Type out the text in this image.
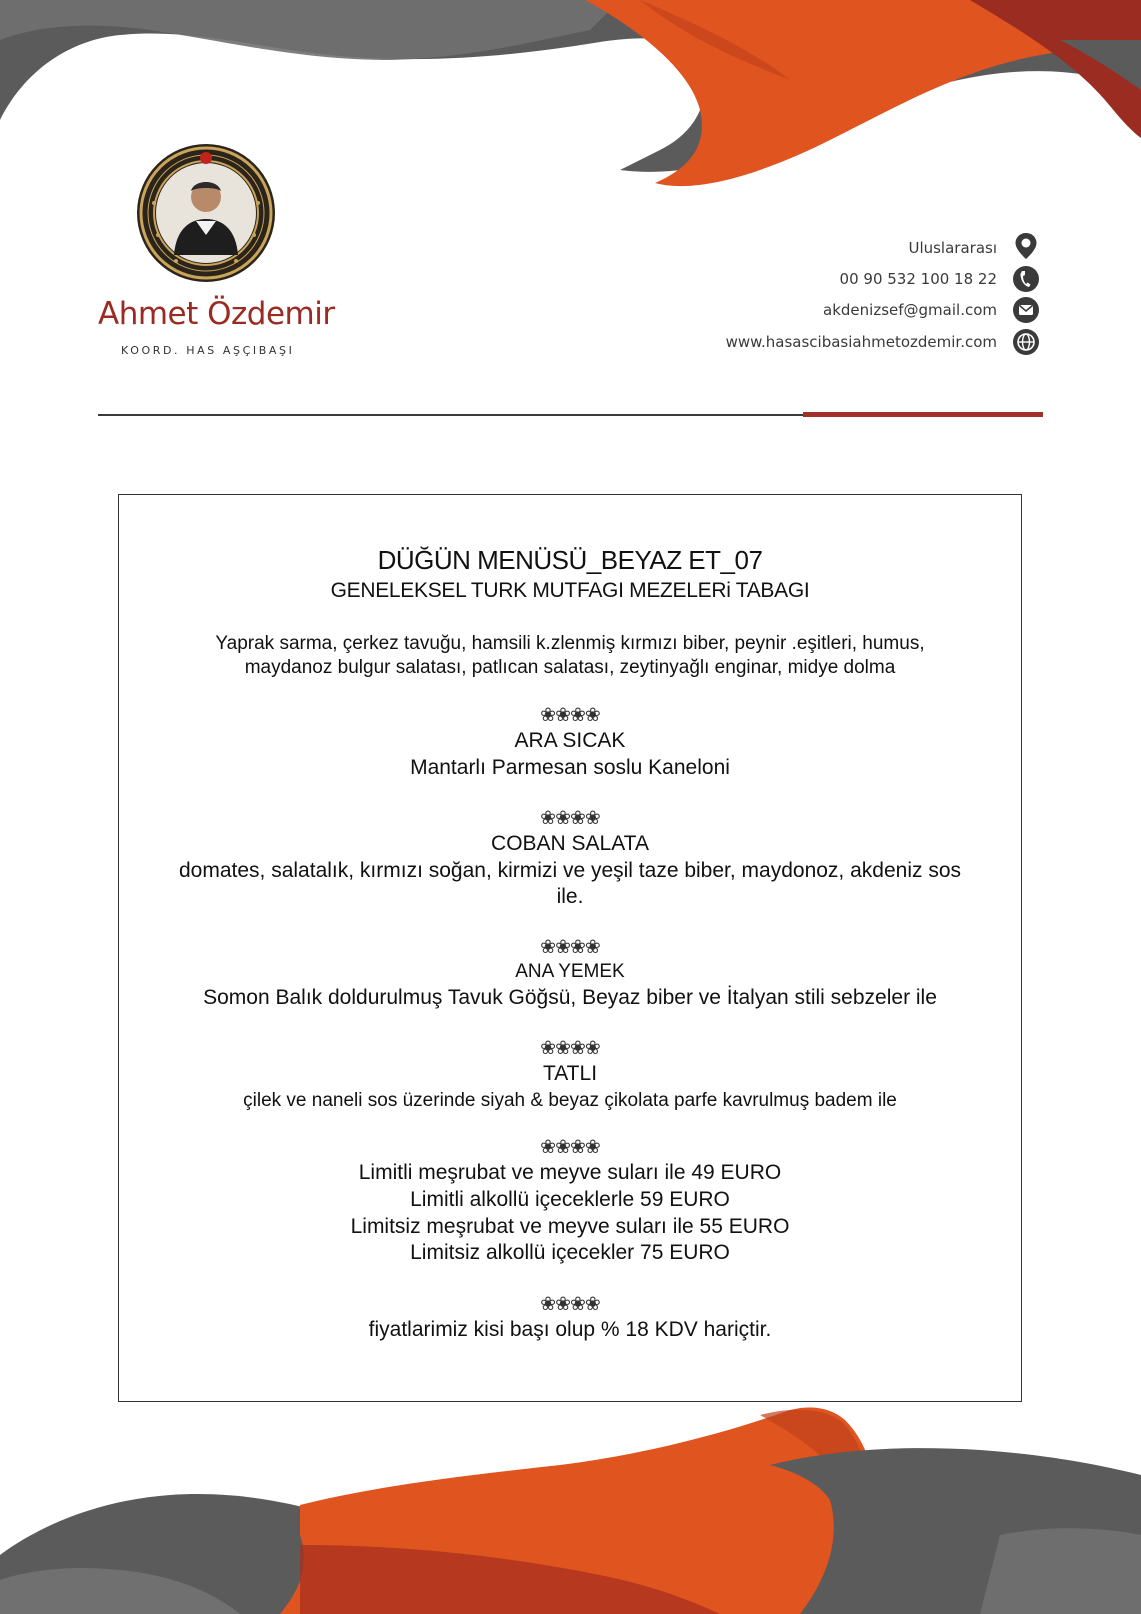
Ahmet Özdemir
KOORD. HAS AŞÇIBAŞI
Uluslararası
00 90 532 100 18 22
akdenizsef@gmail.com
www.hasascibasiahmetozdemir.com
DÜĞÜN MENÜSÜ_BEYAZ ET_07
GENELEKSEL TURK MUTFAGI MEZELERi TABAGI
Yaprak sarma, çerkez tavuğu, hamsili k.zlenmiş kırmızı biber, peynir .eşitleri, humus,
maydanoz bulgur salatası, patlıcan salatası, zeytinyağlı enginar, midye dolma
❀❀❀❀
ARA SICAK
Mantarlı Parmesan soslu Kaneloni
❀❀❀❀
COBAN SALATA
domates, salatalık, kırmızı soğan, kirmizi ve yeşil taze biber, maydonoz, akdeniz sos
ile.
❀❀❀❀
ANA YEMEK
Somon Balık doldurulmuş Tavuk Göğsü, Beyaz biber ve İtalyan stili sebzeler ile
❀❀❀❀
TATLI
çilek ve naneli sos üzerinde siyah & beyaz çikolata parfe kavrulmuş badem ile
❀❀❀❀
Limitli meşrubat ve meyve suları ile 49 EURO
Limitli alkollü içeceklerle 59 EURO
Limitsiz meşrubat ve meyve suları ile 55 EURO
Limitsiz alkollü içecekler 75 EURO
❀❀❀❀
fiyatlarimiz kisi başı olup % 18 KDV hariçtir.
